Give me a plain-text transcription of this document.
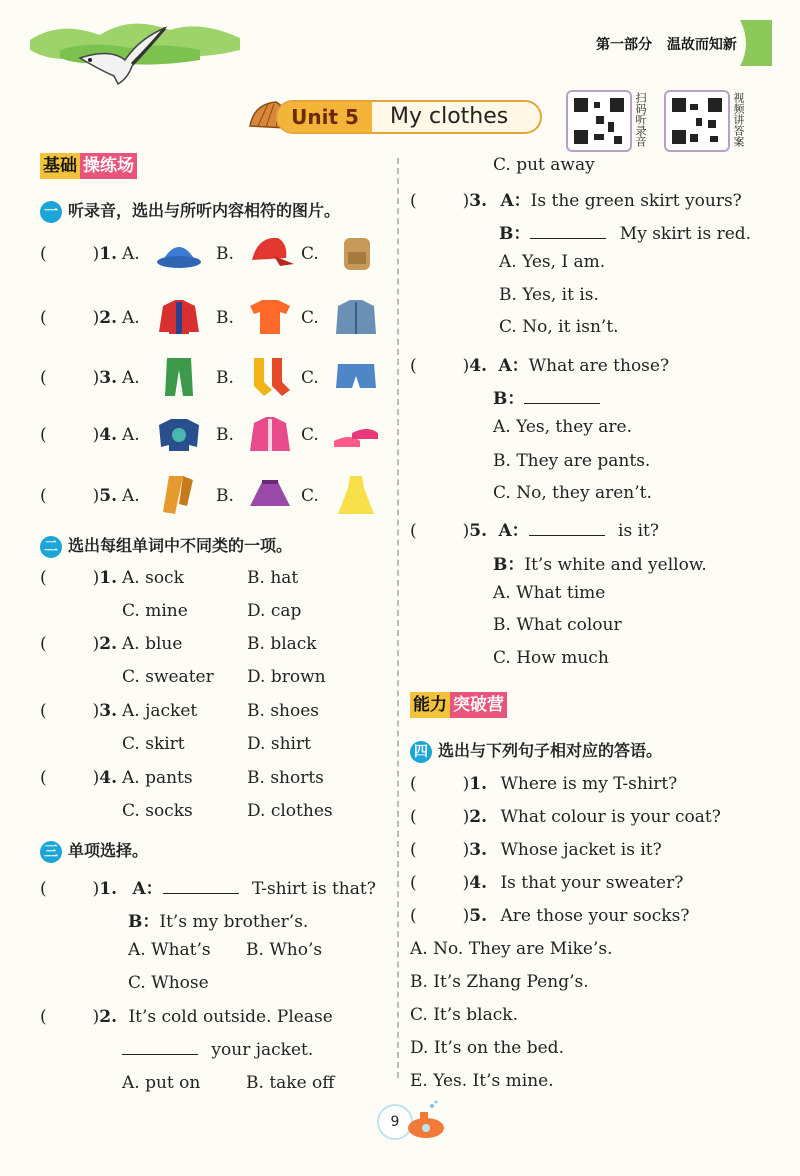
第一部分 温故而知新
Unit 5	My clothes	扫码听录音	视频讲答案
基础 操练场
一 听录音，选出与所听内容相符的图片。
(	)1. A.	B.	C.
(	)2. A.	B.	C.
(	)3. A.	B.	C.
(	)4. A.	B.	C.
(	)5. A.	B.	C.
二 选出每组单词中不同类的一项。
(	)1. A. sock	B. hat
C. mine	D. cap
(	)2. A. blue	B. black
C. sweater D. brown
(	)3. A. jacket	B. shoes
C. skirt	D. shirt
(	)4. A. pants	B. shorts
C. socks	D. clothes
三 单项选择。
(	)1. A：	T-shirt is that?
B：It’s my brother’s.
A. What’s B. Who’s
C. Whose
(	)2. It’s cold outside. Please
your jacket.
A. put on	B. take off
C. put away
(	)3. A：Is the green skirt yours?
B：	My skirt is red.
A. Yes, I am.
B. Yes, it is.
C. No, it isn’t.
(	)4. A：What are those?
B：
A. Yes, they are.
B. They are pants.
C. No, they aren’t.
(	)5. A：	is it?
B：It’s white and yellow.
A. What time
B. What colour
C. How much
能力 突破营
四 选出与下列句子相对应的答语。
(	)1. Where is my T-shirt?
(	)2. What colour is your coat?
(	)3. Whose jacket is it?
(	)4. Is that your sweater?
(	)5. Are those your socks?
A. No. They are Mike’s.
B. It’s Zhang Peng’s.
C. It’s black.
D. It’s on the bed.
E. Yes. It’s mine.
9
